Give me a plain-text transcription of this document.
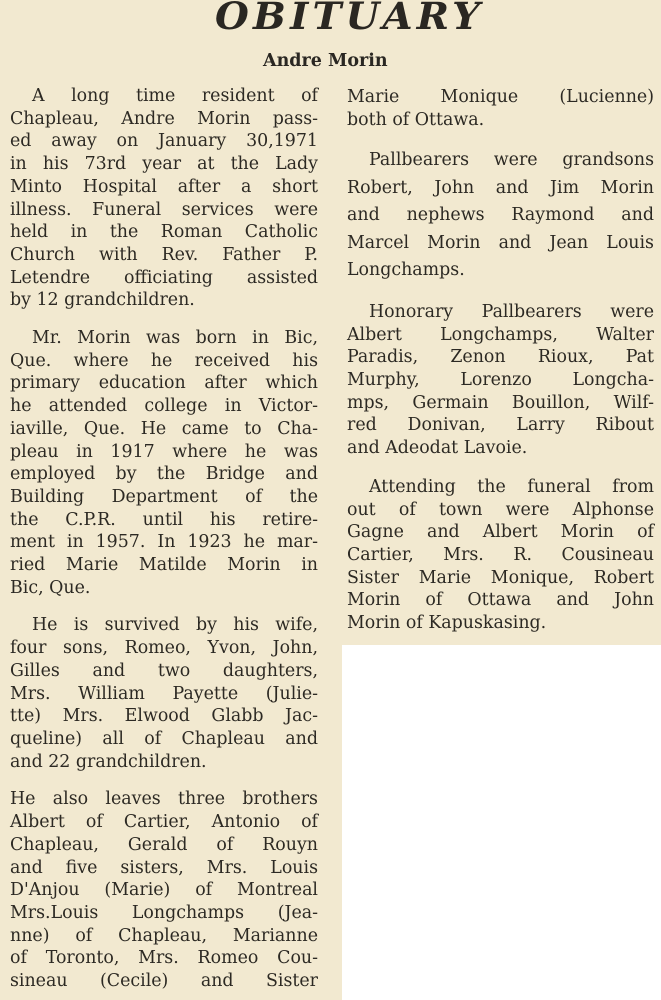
OBITUARY
Andre Morin

A long time resident of
Chapleau, Andre Morin pass-
ed away on January 30,1971
in his 73rd year at the Lady
Minto Hospital after a short
illness. Funeral services were
held in the Roman Catholic
Church with Rev. Father P.
Letendre officiating assisted
by 12 grandchildren.

Mr. Morin was born in Bic,
Que. where he received his
primary education after which
he attended college in Victor-
iaville, Que. He came to Cha-
pleau in 1917 where he was
employed by the Bridge and
Building Department of the
the C.P.R. until his retire-
ment in 1957. In 1923 he mar-
ried Marie Matilde Morin in
Bic, Que.

He is survived by his wife,
four sons, Romeo, Yvon, John,
Gilles and two daughters,
Mrs. William Payette (Julie-
tte) Mrs. Elwood Glabb Jac-
queline) all of Chapleau and
and 22 grandchildren.

He also leaves three brothers
Albert of Cartier, Antonio of
Chapleau, Gerald of Rouyn
and five sisters, Mrs. Louis
D'Anjou (Marie) of Montreal
Mrs.Louis Longchamps (Jea-
nne) of Chapleau, Marianne
of Toronto, Mrs. Romeo Cou-
sineau (Cecile) and Sister

Marie Monique (Lucienne)
both of Ottawa.

Pallbearers were grandsons
Robert, John and Jim Morin
and nephews Raymond and
Marcel Morin and Jean Louis
Longchamps.

Honorary Pallbearers were
Albert Longchamps, Walter
Paradis, Zenon Rioux, Pat
Murphy, Lorenzo Longcha-
mps, Germain Bouillon, Wilf-
red Donivan, Larry Ribout
and Adeodat Lavoie.

Attending the funeral from
out of town were Alphonse
Gagne and Albert Morin of
Cartier, Mrs. R. Cousineau
Sister Marie Monique, Robert
Morin of Ottawa and John
Morin of Kapuskasing.
